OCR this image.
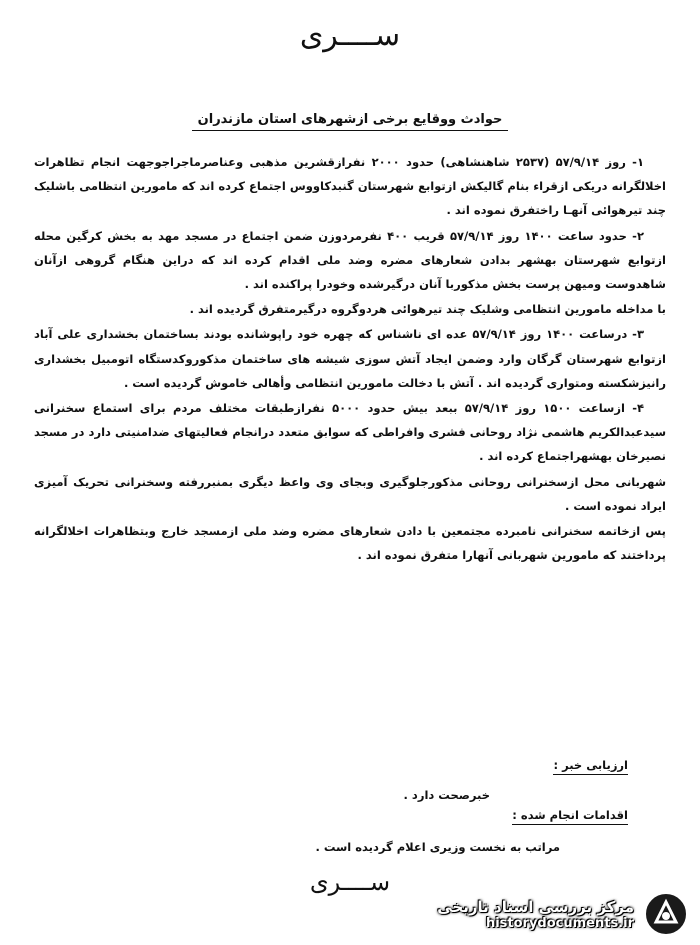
ســــری
حوادث ووقایع برخی ازشهرهای استان مازندران

۱- روز ۵۷/۹/۱۴ (۲۵۳۷ شاهنشاهی) حدود ۲۰۰۰ نفرازقشرین مذهبی وعناصرماجراجوجهت انجام تظاهرات اخلالگرانه دریکی ازقراء بنام گالیکش ازتوابع شهرستان گنبدکاووس اجتماع کرده اند که مامورین انتظامی باشلیک چند تیرهوائی آنهـا راختفرق نموده اند .

۲- حدود ساعت ۱۴۰۰ روز ۵۷/۹/۱۴ قریب ۴۰۰ نفرمردوزن ضمن اجتماع در مسجد مهد به بخش کرگین محله ازتوابع شهرستان بهشهر بدادن شعارهای مضره وضد ملی اقدام کرده اند که دراین هنگام گروهی ازآنان شاهدوست وميهن پرست بخش مذکوربا آنان درگیرشده وخودرا پراکنده اند .

با مداخله مامورین انتظامی وشلیک چند تیرهوائی هردوگروه درگیرمتفرق گردیده اند .

۳- درساعت ۱۴۰۰ روز ۵۷/۹/۱۴ عده ای ناشناس که چهره خود راپوشانده بودند بساختمان بخشداری علی آباد ازتوابع شهرستان گرگان وارد وضمن ایجاد آتش سوزی شیشه های ساختمان مذکوروکدستگاه اتومبیل بخشداری رانیزشکسته ومتواری گردیده اند . آتش با دخالت مامورین انتظامی وأهالی خاموش گردیده است .

۴- ازساعت ۱۵۰۰ روز ۵۷/۹/۱۴ ببعد بیش حدود ۵۰۰۰ نفرازطبقات مختلف مردم برای استماع سخنرانی سیدعبدالکریم هاشمی نژاد روحانی فشری وافراطی که سوابق متعدد درانجام فعالیتهای ضدامنیتی دارد در مسجد نصیرخان بهشهراجتماع کرده اند .

شهربانی محل ازسخنرانی روحانی مذکورجلوگیری وبجای وی واعظ دیگری بمنبررفته وسخنرانی تحریک آمیزی ایراد نموده است .

پس ازخاتمه سخنرانی نامبرده مجتمعین با دادن شعارهای مضره وضد ملی ازمسجد خارج وبتظاهرات اخلالگرانه پرداختند که مامورین شهربانی آنهارا متفرق نموده اند .

ارزیابی خبر :
خبرصحت دارد .
اقدامات انجام شده :
مراتب به نخست وزیری اعلام گردیده است .
ســــری
مرکز بررسی اسناد تاریخی
historydocuments.ir
